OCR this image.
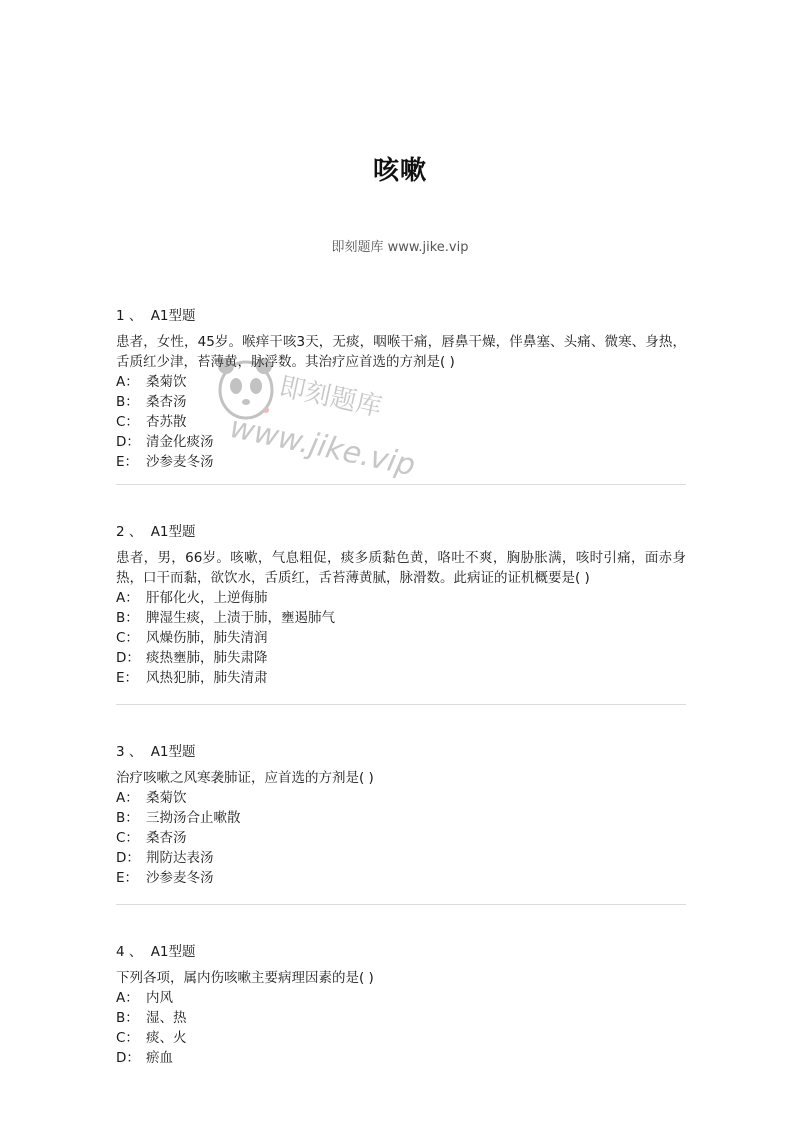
咳嗽
即刻题库 www.jike.vip
1 、 A1型题

患者，女性，45岁。喉痒干咳3天，无痰，咽喉干痛，唇鼻干燥，伴鼻塞、头痛、微寒、身热，舌质红少津，苔薄黄，脉浮数。其治疗应首选的方剂是( )

A： 桑菊饮
B： 桑杏汤
C： 杏苏散
D： 清金化痰汤
E： 沙参麦冬汤
2 、 A1型题

患者，男，66岁。咳嗽，气息粗促，痰多质黏色黄，咯吐不爽，胸胁胀满，咳时引痛，面赤身热，口干而黏，欲饮水，舌质红，舌苔薄黄腻，脉滑数。此病证的证机概要是( )

A： 肝郁化火，上逆侮肺
B： 脾湿生痰，上渍于肺，壅遏肺气
C： 风燥伤肺，肺失清润
D： 痰热壅肺，肺失肃降
E： 风热犯肺，肺失清肃
3 、 A1型题

治疗咳嗽之风寒袭肺证，应首选的方剂是( )

A： 桑菊饮
B： 三拗汤合止嗽散
C： 桑杏汤
D： 荆防达表汤
E： 沙参麦冬汤
4 、 A1型题

下列各项，属内伤咳嗽主要病理因素的是( )

A： 内风
B： 湿、热
C： 痰、火
D： 瘀血
即刻题库
www.jike.vip
